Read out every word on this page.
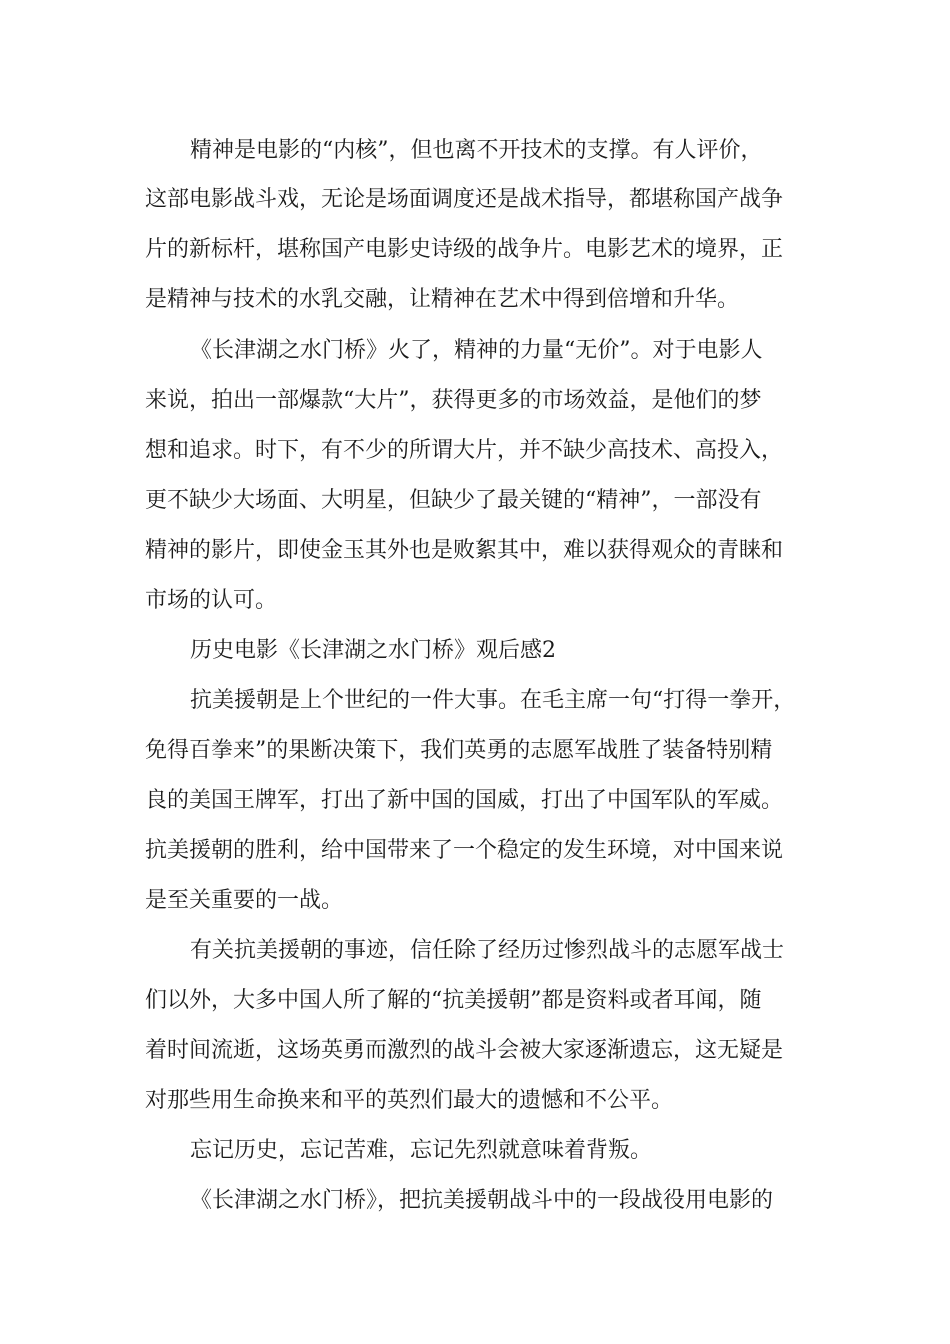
精神是电影的“内核”，但也离不开技术的支撑。有人评价，
这部电影战斗戏，无论是场面调度还是战术指导，都堪称国产战争
片的新标杆，堪称国产电影史诗级的战争片。电影艺术的境界，正
是精神与技术的水乳交融，让精神在艺术中得到倍增和升华。
《长津湖之水门桥》火了，精神的力量“无价”。对于电影人
来说，拍出一部爆款“大片”，获得更多的市场效益，是他们的梦
想和追求。时下，有不少的所谓大片，并不缺少高技术、高投入，
更不缺少大场面、大明星，但缺少了最关键的“精神”，一部没有
精神的影片，即使金玉其外也是败絮其中，难以获得观众的青睐和
市场的认可。
历史电影《长津湖之水门桥》观后感2
抗美援朝是上个世纪的一件大事。在毛主席一句“打得一拳开，
免得百拳来”的果断决策下，我们英勇的志愿军战胜了装备特别精
良的美国王牌军，打出了新中国的国威，打出了中国军队的军威。
抗美援朝的胜利，给中国带来了一个稳定的发生环境，对中国来说
是至关重要的一战。
有关抗美援朝的事迹，信任除了经历过惨烈战斗的志愿军战士
们以外，大多中国人所了解的“抗美援朝”都是资料或者耳闻，随
着时间流逝，这场英勇而激烈的战斗会被大家逐渐遗忘，这无疑是
对那些用生命换来和平的英烈们最大的遗憾和不公平。
忘记历史，忘记苦难，忘记先烈就意味着背叛。
《长津湖之水门桥》，把抗美援朝战斗中的一段战役用电影的
